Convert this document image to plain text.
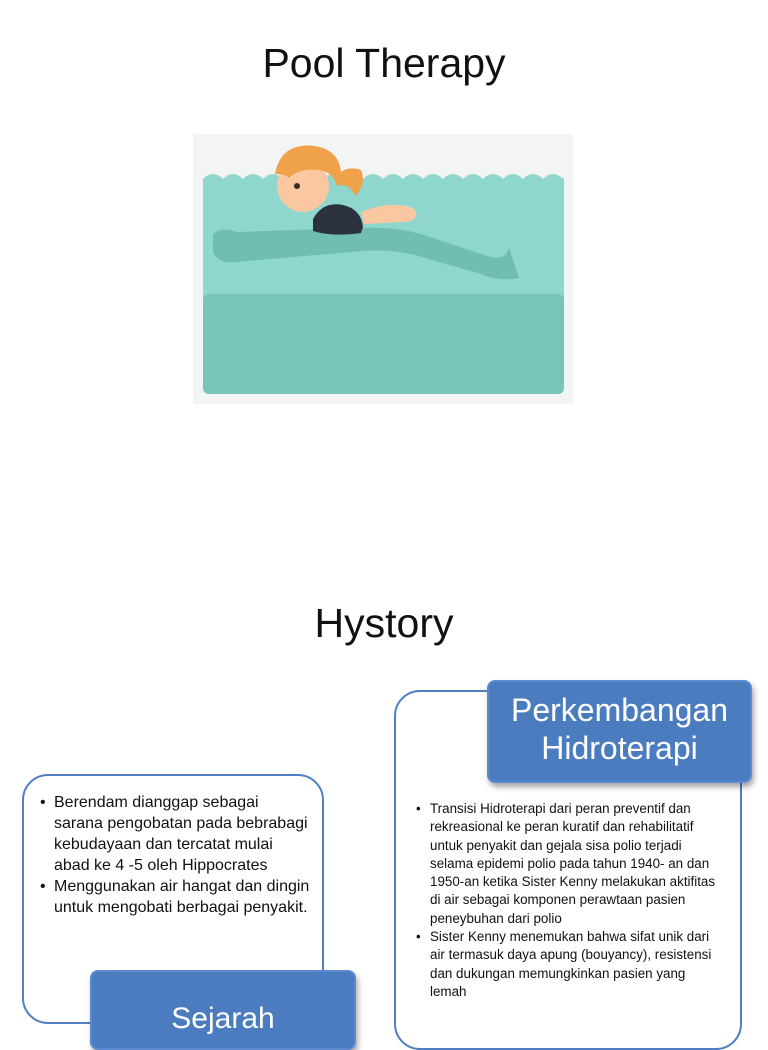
Pool Therapy
Hystory
• Berendam dianggap sebagai sarana pengobatan pada bebrabagi kebudayaan dan tercatat mulai abad ke 4 -5 oleh Hippocrates
• Menggunakan air hangat dan dingin untuk mengobati berbagai penyakit.
Sejarah
• Transisi Hidroterapi dari peran preventif dan rekreasional ke peran kuratif dan rehabilitatif untuk penyakit dan gejala sisa polio terjadi selama epidemi polio pada tahun 1940- an dan 1950-an ketika Sister Kenny melakukan aktifitas di air sebagai komponen perawtaan pasien peneybuhan dari polio
• Sister Kenny menemukan bahwa sifat unik dari air termasuk daya apung (bouyancy), resistensi dan dukungan memungkinkan pasien yang lemah
Perkembangan
Hidroterapi
